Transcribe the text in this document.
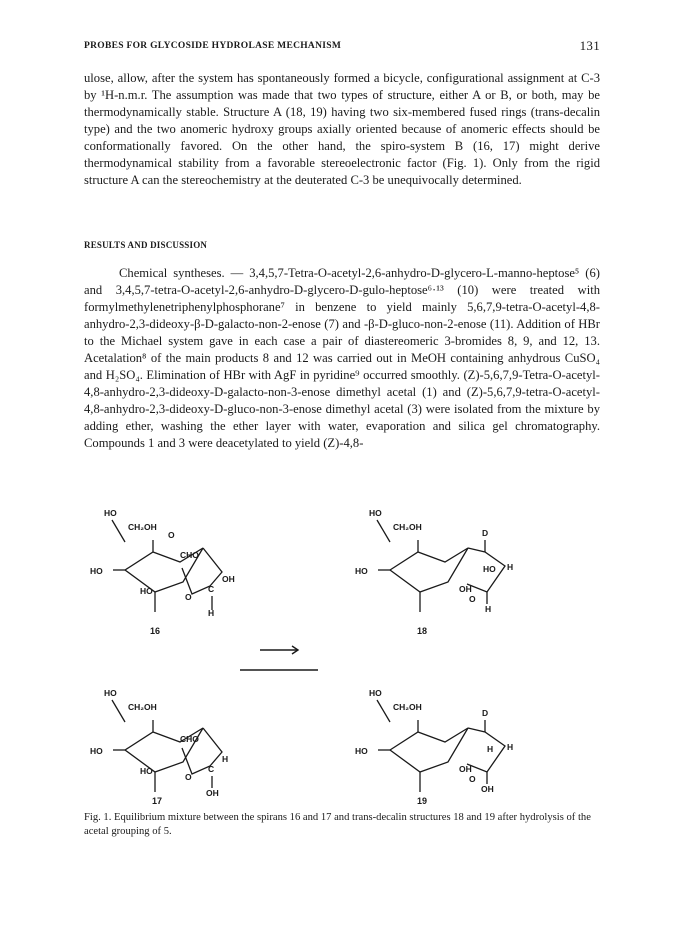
PROBES FOR GLYCOSIDE HYDROLASE MECHANISM	131
ulose, allow, after the system has spontaneously formed a bicycle, configurational assignment at C-3 by ¹H-n.m.r. The assumption was made that two types of structure, either A or B, or both, may be thermodynamically stable. Structure A (18, 19) having two six-membered fused rings (trans-decalin type) and the two anomeric hydroxy groups axially oriented because of anomeric effects should be conformationally favored. On the other hand, the spiro-system B (16, 17) might derive thermodynamical stability from a favorable stereoelectronic factor (Fig. 1). Only from the rigid structure A can the stereochemistry at the deuterated C-3 be unequivocally determined.
RESULTS AND DISCUSSION
Chemical syntheses. — 3,4,5,7-Tetra-O-acetyl-2,6-anhydro-D-glycero-L-manno-heptose⁵ (6) and 3,4,5,7-tetra-O-acetyl-2,6-anhydro-D-glycero-D-gulo-heptose⁶·¹³ (10) were treated with formylmethylenetriphenylphosphorane⁷ in benzene to yield mainly 5,6,7,9-tetra-O-acetyl-4,8-anhydro-2,3-dideoxy-β-D-galacto-non-2-enose (7) and -β-D-gluco-non-2-enose (11). Addition of HBr to the Michael system gave in each case a pair of diastereomeric 3-bromides 8, 9, and 12, 13. Acetalation⁸ of the main products 8 and 12 was carried out in MeOH containing anhydrous CuSO₄ and H₂SO₄. Elimination of HBr with AgF in pyridine⁹ occurred smoothly. (Z)-5,6,7,9-Tetra-O-acetyl-4,8-anhydro-2,3-dideoxy-D-galacto-non-3-enose dimethyl acetal (1) and (Z)-5,6,7,9-tetra-O-acetyl-4,8-anhydro-2,3-dideoxy-D-gluco-non-3-enose dimethyl acetal (3) were isolated from the mixture by adding ether, washing the ether layer with water, evaporation and silica gel chromatography. Compounds 1 and 3 were deacetylated to yield (Z)-4,8-
HO
CH₂OH
O
HO
CHO
HO
O
C
OH
H
16
HO
CH₂OH
HO
D
HO H
OH
O
H
18
HO
CH₂OH
HO
CHO
HO
O
C
H
OH
17
HO
CH₂OH
HO
D
H H
OH
O
OH
19
Fig. 1. Equilibrium mixture between the spirans 16 and 17 and trans-decalin structures 18 and 19 after hydrolysis of the acetal grouping of 5.
